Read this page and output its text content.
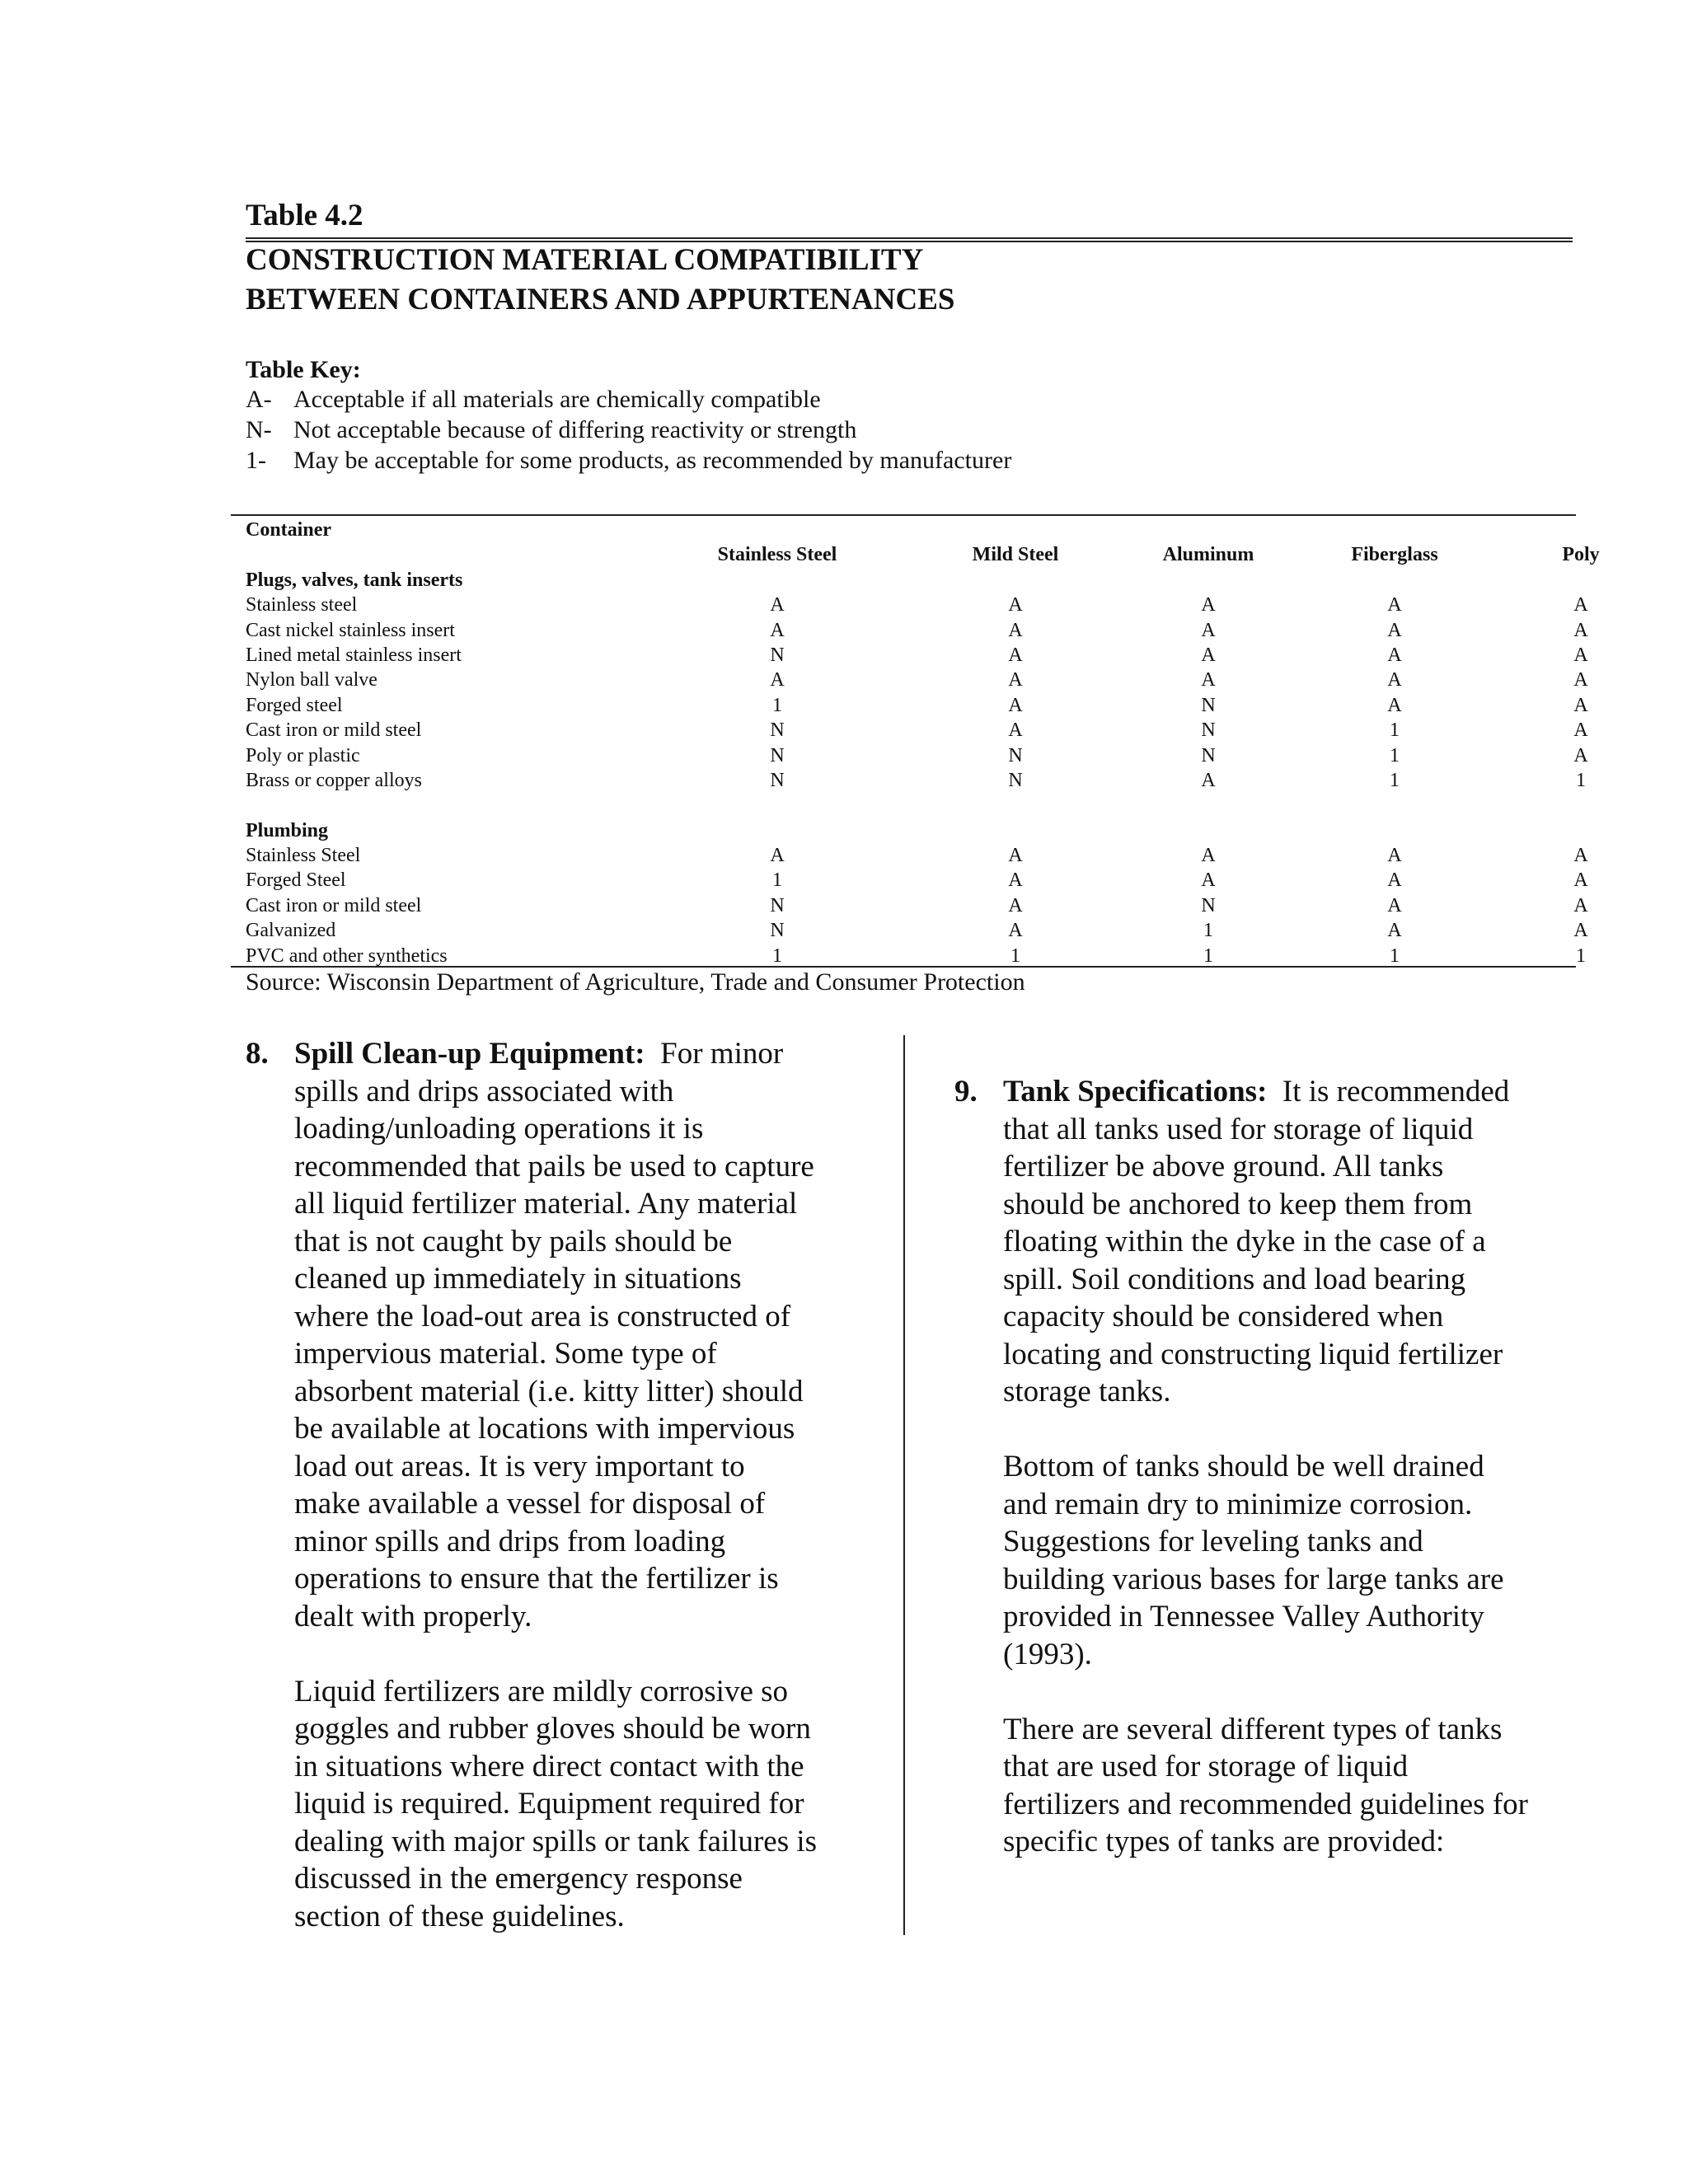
Table 4.2
CONSTRUCTION MATERIAL COMPATIBILITY
BETWEEN CONTAINERS AND APPURTENANCES
Table Key:
A- Acceptable if all materials are chemically compatible
N- Not acceptable because of differing reactivity or strength
1-	May be acceptable for some products, as recommended by manufacturer
Container
Stainless Steel	Mild Steel	Aluminum	Fiberglass	Poly
Plugs, valves, tank inserts
Stainless steel	A	A	A	A	A
Cast nickel stainless insert	A	A	A	A	A
Lined metal stainless insert	N	A	A	A	A
Nylon ball valve	A	A	A	A	A
Forged steel	1	A	N	A	A
Cast iron or mild steel	N	A	N	1	A
Poly or plastic	N	N	N	1	A
Brass or copper alloys	N	N	A	1	1
Plumbing
Stainless Steel	A	A	A	A	A
Forged Steel	1	A	A	A	A
Cast iron or mild steel	N	A	N	A	A
Galvanized	N	A	1	A	A
PVC and other synthetics	1	1	1	1	1
Source: Wisconsin Department of Agriculture, Trade and Consumer Protection
8. Spill Clean-up Equipment: For minor

spills and drips associated with

loading/unloading operations it is

recommended that pails be used to capture

all liquid fertilizer material. Any material

that is not caught by pails should be

cleaned up immediately in situations

where the load-out area is constructed of

impervious material. Some type of

absorbent material (i.e. kitty litter) should

be available at locations with impervious

load out areas. It is very important to

make available a vessel for disposal of

minor spills and drips from loading

operations to ensure that the fertilizer is

dealt with properly.

Liquid fertilizers are mildly corrosive so

goggles and rubber gloves should be worn

in situations where direct contact with the

liquid is required. Equipment required for

dealing with major spills or tank failures is

discussed in the emergency response

section of these guidelines.

9. Tank Specifications: It is recommended

that all tanks used for storage of liquid

fertilizer be above ground. All tanks

should be anchored to keep them from

floating within the dyke in the case of a

spill. Soil conditions and load bearing

capacity should be considered when

locating and constructing liquid fertilizer

storage tanks.

Bottom of tanks should be well drained

and remain dry to minimize corrosion.

Suggestions for leveling tanks and

building various bases for large tanks are

provided in Tennessee Valley Authority

(1993).

There are several different types of tanks

that are used for storage of liquid

fertilizers and recommended guidelines for

specific types of tanks are provided:
